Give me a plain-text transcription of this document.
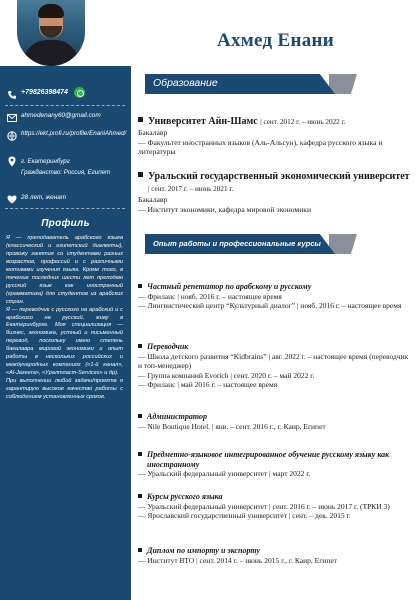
+79826398474
ahmedenany60@gmail.com
https://ekt.profi.ru/profile/EnaniAhmed/
г. Екатеринбург
Гражданство: Россия, Египет
28 лет, женат
Профиль

Я — преподаватель арабского языка (классический и египетский диалекты), провожу занятия со студентами разных возрастов, профессий и с различными мотивами изучения языка. Кроме того, в течение последних шести лет преподаю русский язык как иностранный (грамматика) для студентов из арабских стран.

Я — переводчик с русского на арабский и с арабского на русский, живу в Екатеринбурге. Моя специализация — бизнес, экономика, устный и письменный перевод, поскольку имею степень бакалавра мировой экономики и опыт работы в нескольких российских и международных компаниях («1-й канал», «Al-Jazeera», «Уралтласт-Services» и др).

При выполнении любой задачи/проекта я гарантирую высокое качество работы с соблюдением установленных сроков.

Ахмед Енани
Образование
Университет Айн-Шамс | сент. 2012 г. – июнь 2022 г.
Бакалавр
— Факультет иностранных языков (Аль-Альсун), кафедра русского языка и литературы
Уральский государственный экономический университет | сент. 2017 г. – июнь 2021 г.
Бакалавр
— Институт экономики, кафедра мировой экономики
Опыт работы и профессиональные курсы
Частный репетитор по арабскому и русскому
— Фриланс | нояб. 2016 г. – настоящее время
— Лингвистический центр “Культурный диалог” | нояб. 2016 г. – настоящее время
Переводчик
— Школа детского развития “Kidbrains” | авг. 2022 г. – настоящее время (переводчик и топ-менеджер)
— Группа компаний Evorich | сент. 2020 г. – май 2022 г.
— Фриланс | май 2016 г. – настоящее время
Администратор
— Nile Boutique Hotel. | янв. – сент. 2016 г., г. Каир, Египет
Предметно-языковое интегрированное обучение русскому языку как иностранному
— Уральский федеральный университет | март 2022 г.
Курсы русского языка
— Уральский федеральный университет | сент. 2016 г. – июнь 2017 г. (ТРКИ 3)
— Ярославский государственный университет | сент. – дек. 2015 г.
Диплом по импорту и экспорту
— Институт ВТО | сент. 2014 г. – июнь 2015 г., г. Каир, Египет
